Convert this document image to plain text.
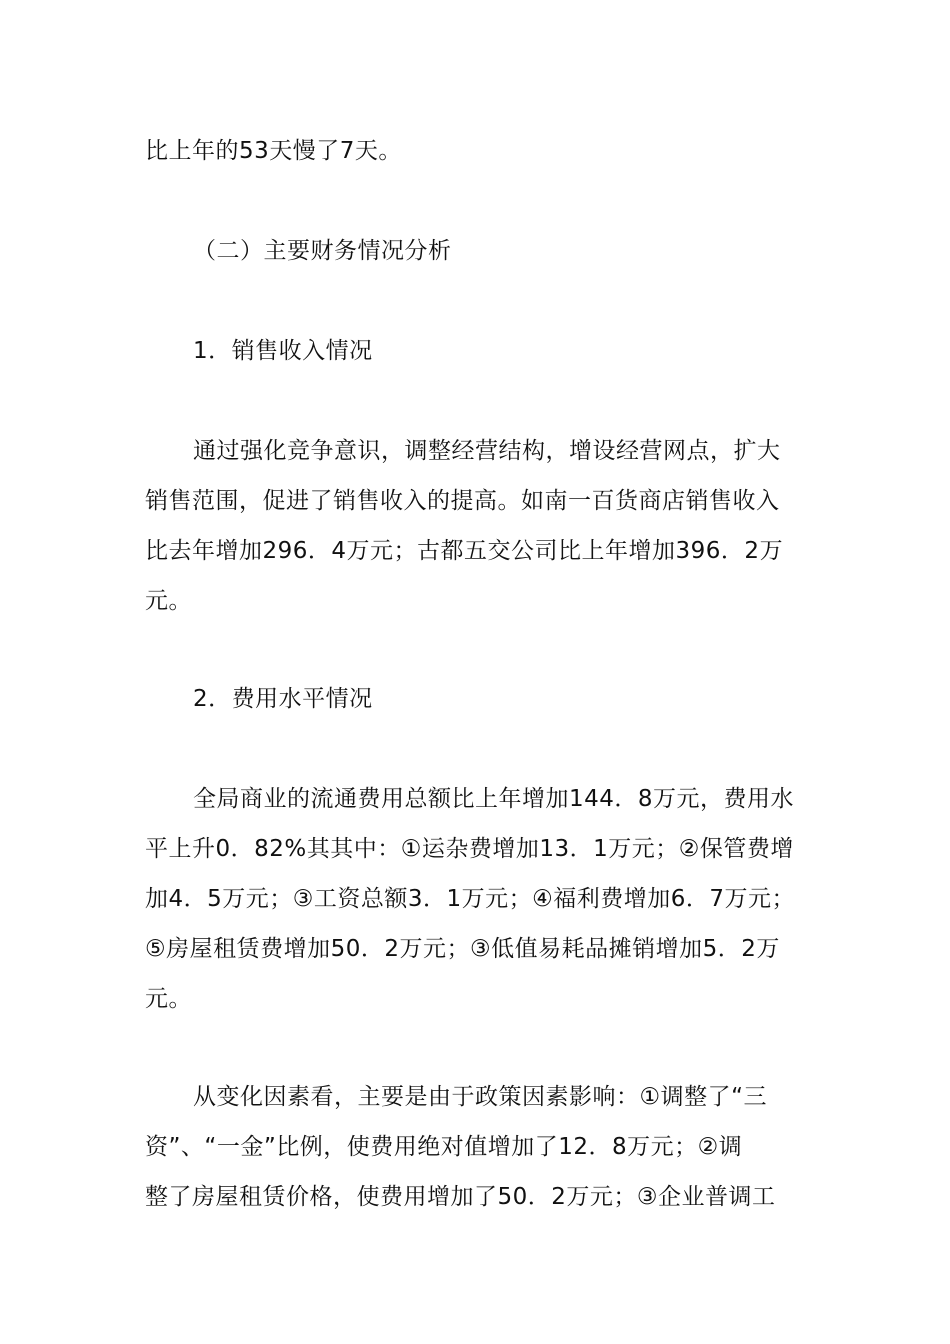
比上年的53天慢了7天。
（二）主要财务情况分析
1．销售收入情况
通过强化竞争意识，调整经营结构，增设经营网点，扩大
销售范围，促进了销售收入的提高。如南一百货商店销售收入
比去年增加296．4万元；古都五交公司比上年增加396．2万
元。
2．费用水平情况
全局商业的流通费用总额比上年增加144．8万元，费用水
平上升0．82%其其中：①运杂费增加13．1万元；②保管费增
加4．5万元；③工资总额3．1万元；④福利费增加6．7万元；
⑤房屋租赁费增加50．2万元；③低值易耗品摊销增加5．2万
元。
从变化因素看，主要是由于政策因素影响：①调整了“三
资”、“一金”比例，使费用绝对值增加了12．8万元；②调
整了房屋租赁价格，使费用增加了50．2万元；③企业普调工
